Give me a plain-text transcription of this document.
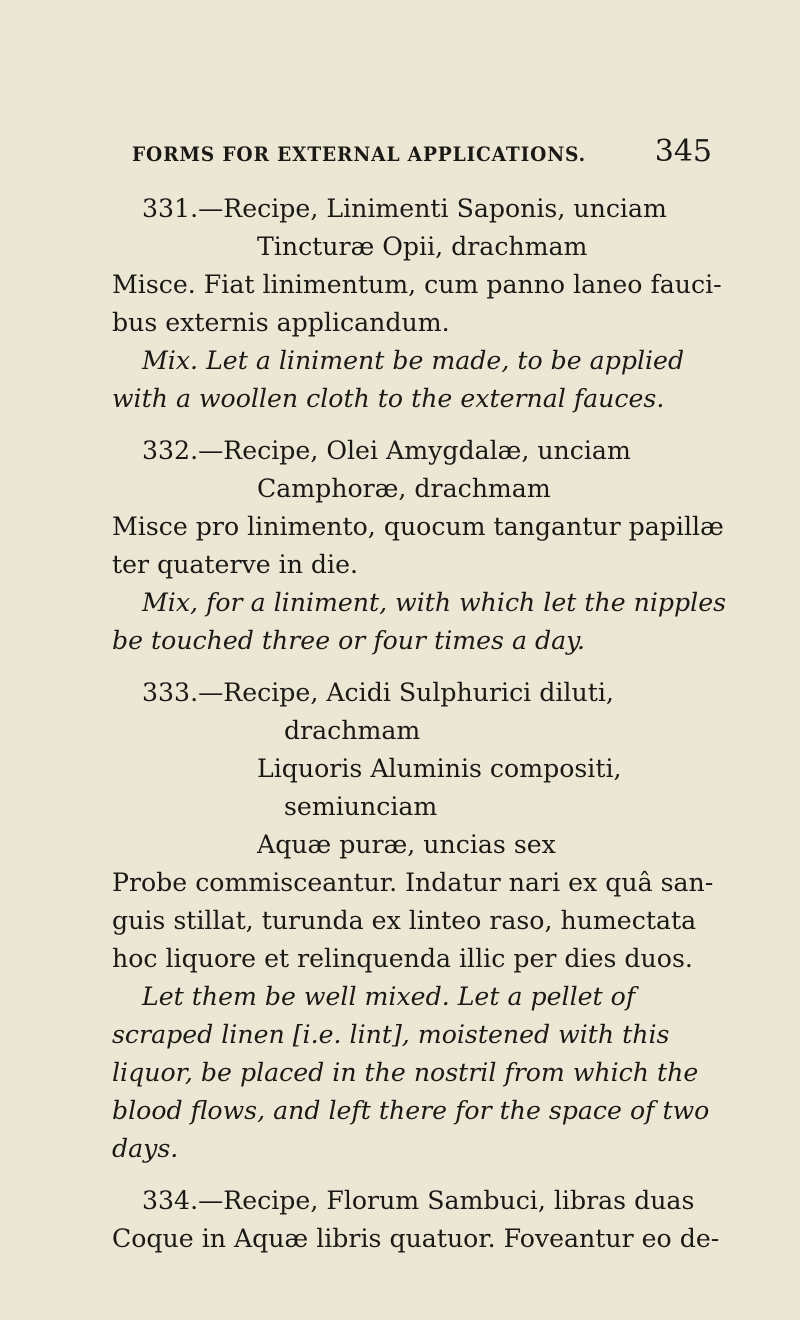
FORMS FOR EXTERNAL APPLICATIONS. 345
331.—Recipe, Linimenti Saponis, unciam
Tincturæ Opii, drachmam
Misce. Fiat linimentum, cum panno laneo fauci-
bus externis applicandum.
Mix. Let a liniment be made, to be applied
with a woollen cloth to the external fauces.
332.—Recipe, Olei Amygdalæ, unciam
Camphoræ, drachmam
Misce pro linimento, quocum tangantur papillæ
ter quaterve in die.
Mix, for a liniment, with which let the nipples
be touched three or four times a day.
333.—Recipe, Acidi Sulphurici diluti,
drachmam
Liquoris Aluminis compositi,
semiunciam
Aquæ puræ, uncias sex
Probe commisceantur. Indatur nari ex quâ san-
guis stillat, turunda ex linteo raso, humectata
hoc liquore et relinquenda illic per dies duos.
Let them be well mixed. Let a pellet of
scraped linen [i.e. lint], moistened with this
liquor, be placed in the nostril from which the
blood flows, and left there for the space of two
days.
334.—Recipe, Florum Sambuci, libras duas
Coque in Aquæ libris quatuor. Foveantur eo de-
